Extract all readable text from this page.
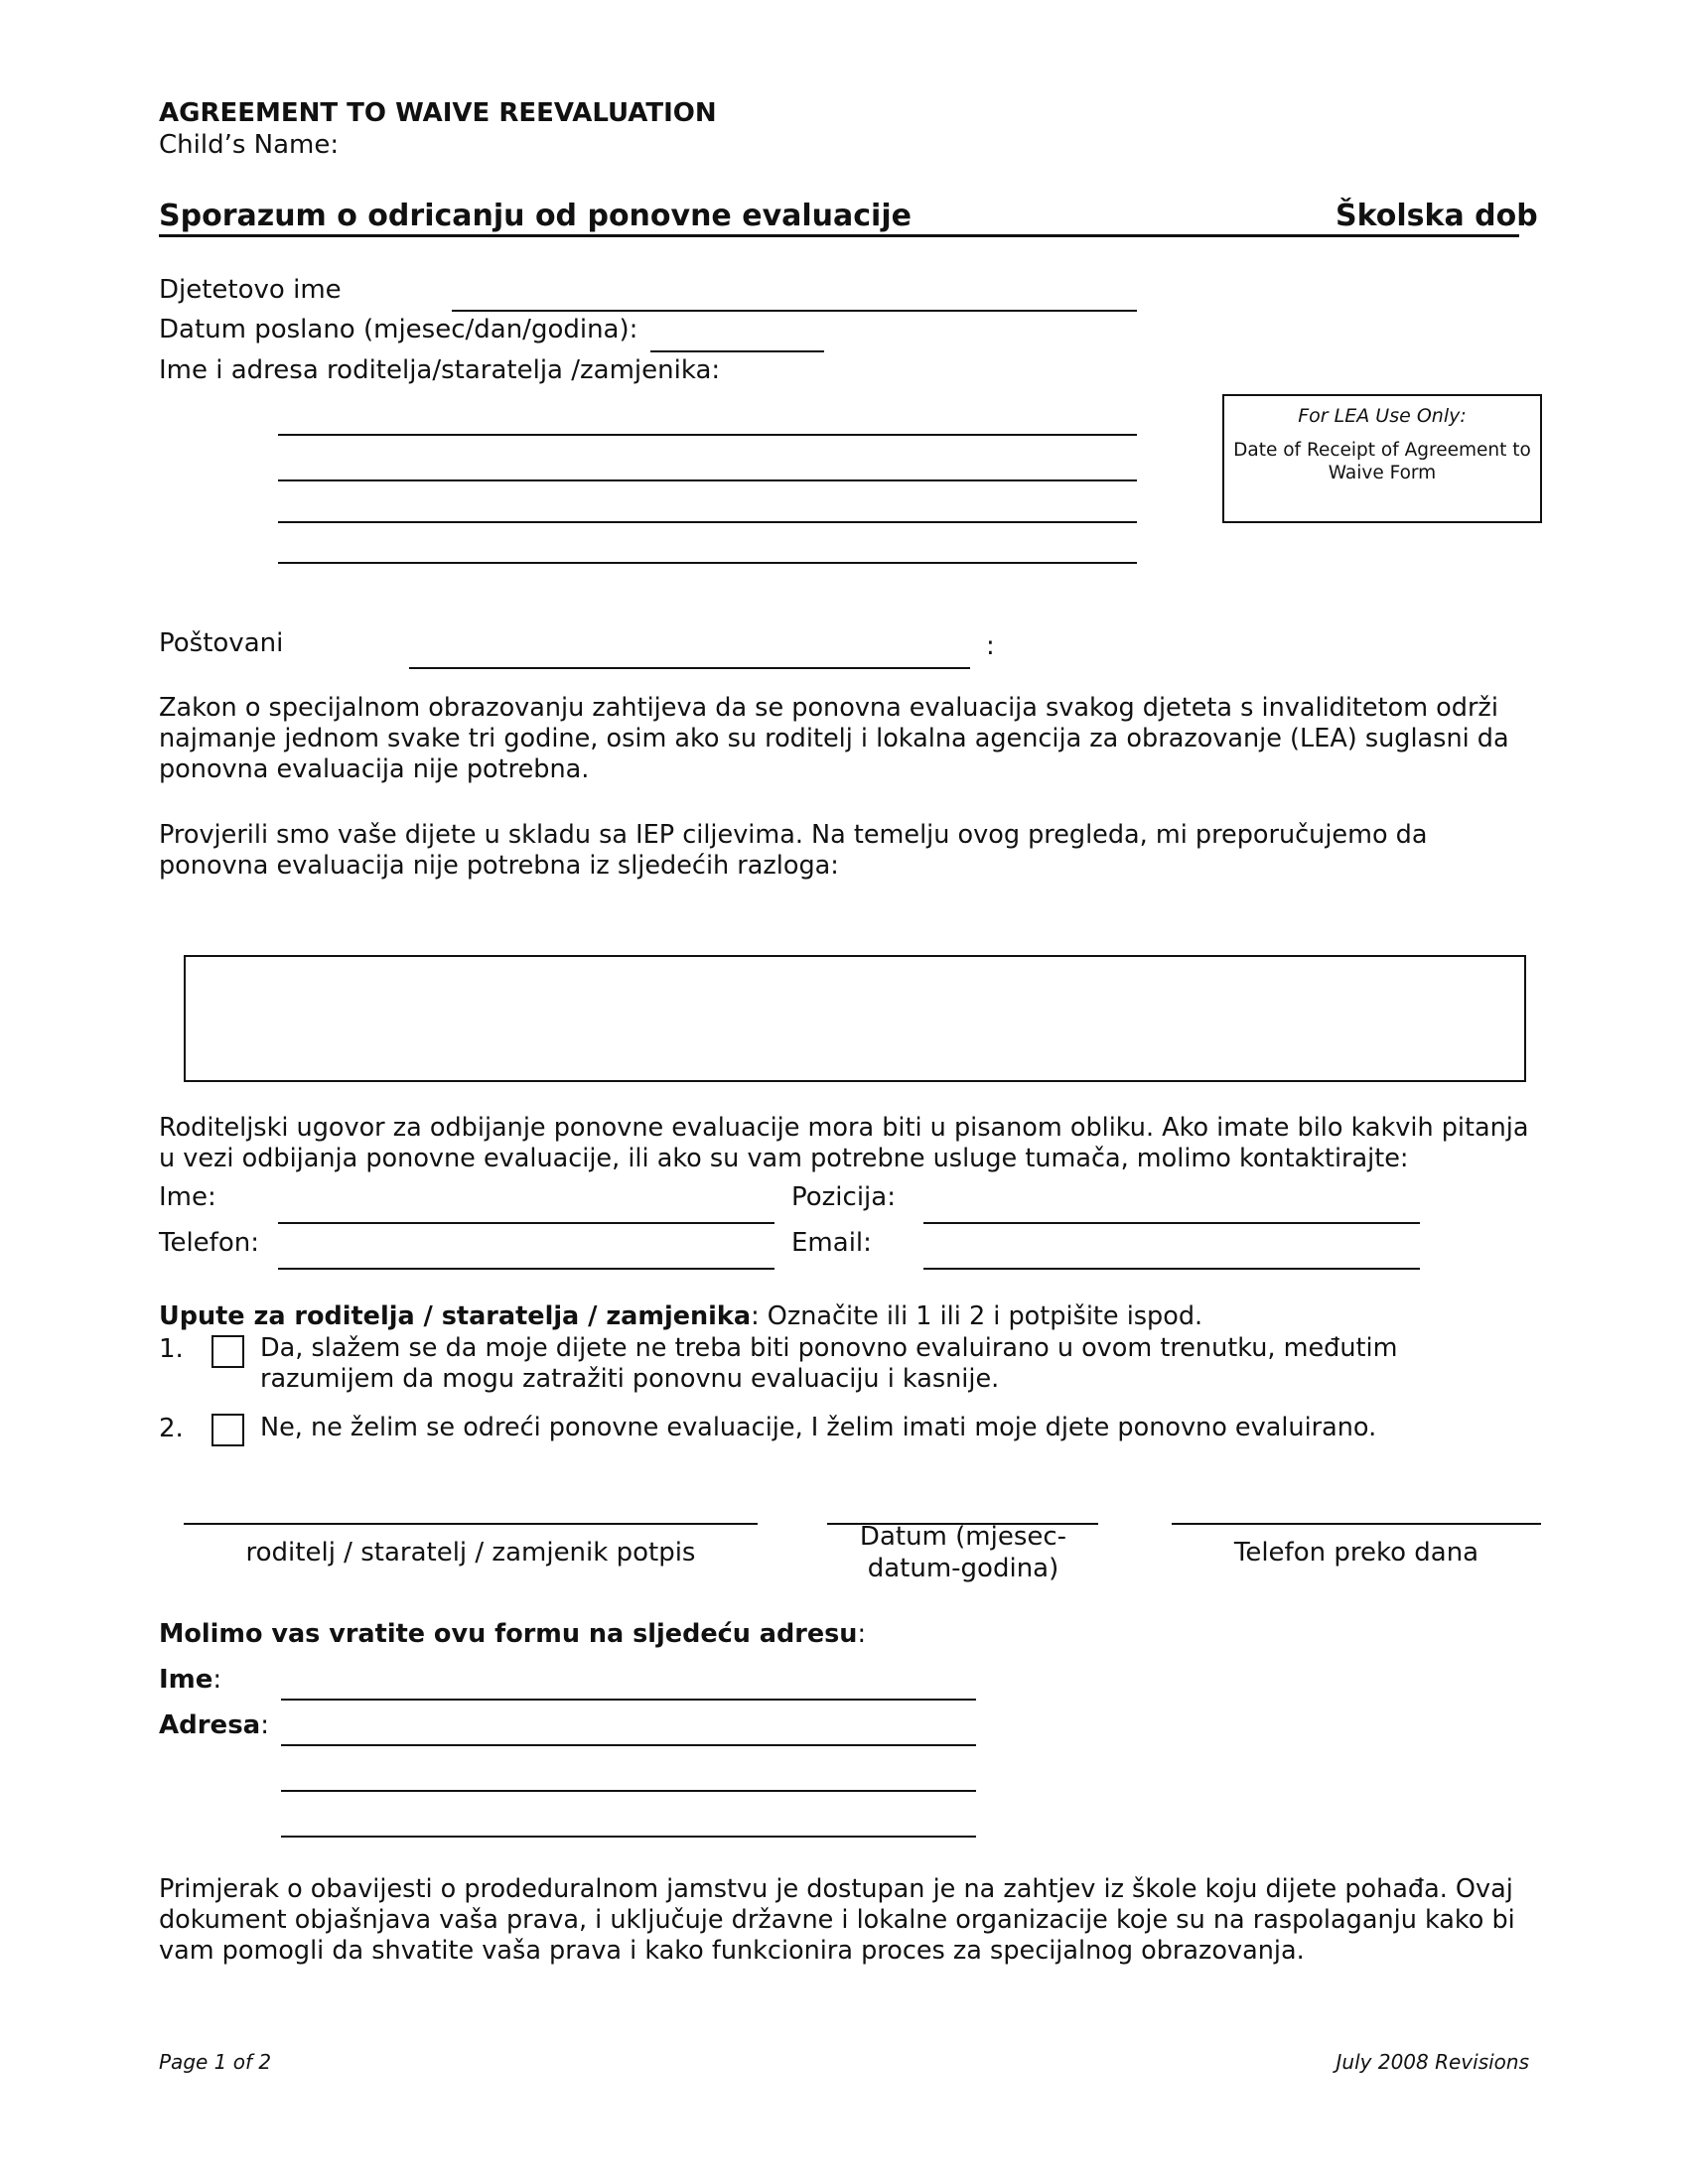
AGREEMENT TO WAIVE REEVALUATION
Child’s Name:
Sporazum o odricanju od ponovne evaluacije	Školska dob
Djetetovo ime
Datum poslano (mjesec/dan/godina):
Ime i adresa roditelja/staratelja /zamjenika:
For LEA Use Only:
Date of Receipt of Agreement to Waive Form
Poštovani	:
Zakon o specijalnom obrazovanju zahtijeva da se ponovna evaluacija svakog djeteta s invaliditetom održi najmanje jednom svake tri godine, osim ako su roditelj i lokalna agencija za obrazovanje (LEA) suglasni da ponovna evaluacija nije potrebna.
Provjerili smo vaše dijete u skladu sa IEP ciljevima. Na temelju ovog pregleda, mi preporučujemo da ponovna evaluacija nije potrebna iz sljedećih razloga:
Roditeljski ugovor za odbijanje ponovne evaluacije mora biti u pisanom obliku. Ako imate bilo kakvih pitanja u vezi odbijanja ponovne evaluacije, ili ako su vam potrebne usluge tumača, molimo kontaktirajte:
Ime:	Pozicija:
Telefon:	Email:
Upute za roditelja / staratelja / zamjenika: Označite ili 1 ili 2 i potpišite ispod.
1.	Da, slažem se da moje dijete ne treba biti ponovno evaluirano u ovom trenutku, međutim razumijem da mogu zatražiti ponovnu evaluaciju i kasnije.
2.	Ne, ne želim se odreći ponovne evaluacije, I želim imati moje djete ponovno evaluirano.
roditelj / staratelj / zamjenik potpis
Datum (mjesec-datum-godina)
Telefon preko dana
Molimo vas vratite ovu formu na sljedeću adresu:
Ime:
Adresa:
Primjerak o obavijesti o prodeduralnom jamstvu je dostupan je na zahtjev iz škole koju dijete pohađa. Ovaj dokument objašnjava vaša prava, i uključuje državne i lokalne organizacije koje su na raspolaganju kako bi vam pomogli da shvatite vaša prava i kako funkcionira proces za specijalnog obrazovanja.
Page 1 of 2	July 2008 Revisions
